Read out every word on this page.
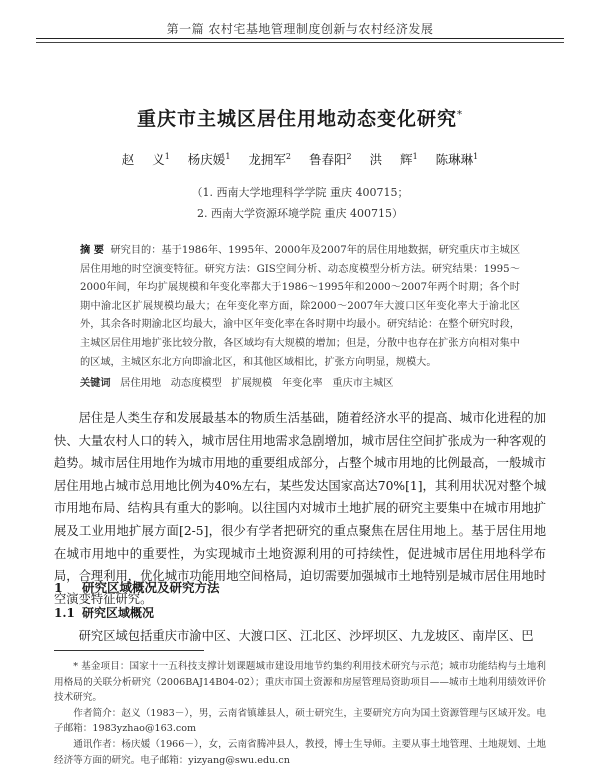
第一篇 农村宅基地管理制度创新与农村经济发展
重庆市主城区居住用地动态变化研究*
赵 义$^1$ 杨庆媛$^1$ 龙拥军$^2$ 鲁春阳$^2$ 洪 辉$^1$ 陈琳琳$^1$
（1. 西南大学地理科学学院 重庆 400715；
2. 西南大学资源环境学院 重庆 400715）
摘 要 研究目的：基于1986年、1995年、2000年及2007年的居住用地数据，研究重庆市主城区居住用地的时空演变特征。研究方法：GIS空间分析、动态度模型分析方法。研究结果：1995～2000年间，年均扩展规模和年变化率都大于1986～1995年和2000～2007年两个时期；各个时期中渝北区扩展规模均最大；在年变化率方面，除2000～2007年大渡口区年变化率大于渝北区外，其余各时期渝北区均最大，渝中区年变化率在各时期中均最小。研究结论：在整个研究时段，主城区居住用地扩张比较分散，各区域均有大规模的增加；但是，分散中也存在扩张方向相对集中的区域，主城区东北方向即渝北区，和其他区域相比，扩张方向明显，规模大。
关键词 居住用地 动态度模型 扩展规模 年变化率 重庆市主城区
居住是人类生存和发展最基本的物质生活基础，随着经济水平的提高、城市化进程的加快、大量农村人口的转入，城市居住用地需求急剧增加，城市居住空间扩张成为一种客观的趋势。城市居住用地作为城市用地的重要组成部分，占整个城市用地的比例最高，一般城市居住用地占城市总用地比例为40%左右，某些发达国家高达70%[1]，其利用状况对整个城市用地布局、结构具有重大的影响。以往国内对城市土地扩展的研究主要集中在城市用地扩展及工业用地扩展方面[2-5]，很少有学者把研究的重点聚焦在居住用地上。基于居住用地在城市用地中的重要性，为实现城市土地资源利用的可持续性，促进城市居住用地科学布局，合理利用，优化城市功能用地空间格局，迫切需要加强城市土地特别是城市居住用地时空演变特征研究。
1 研究区域概况及研究方法
1.1 研究区域概况
研究区域包括重庆市渝中区、大渡口区、江北区、沙坪坝区、九龙坡区、南岸区、巴

* 基金项目：国家十一五科技支撑计划课题城市建设用地节约集约利用技术研究与示范；城市功能结构与土地利用格局的关联分析研究（2006BAJ14B04-02）；重庆市国土资源和房屋管理局资助项目——城市土地利用绩效评价技术研究。

作者简介：赵义（1983－），男，云南省镇雄县人，硕士研究生，主要研究方向为国土资源管理与区域开发。电子邮箱：1983yzhao@163.com

通讯作者：杨庆媛（1966－），女，云南省腾冲县人，教授，博士生导师。主要从事土地管理、土地规划、土地经济等方面的研究。电子邮箱：yizyang@swu.edu.cn
